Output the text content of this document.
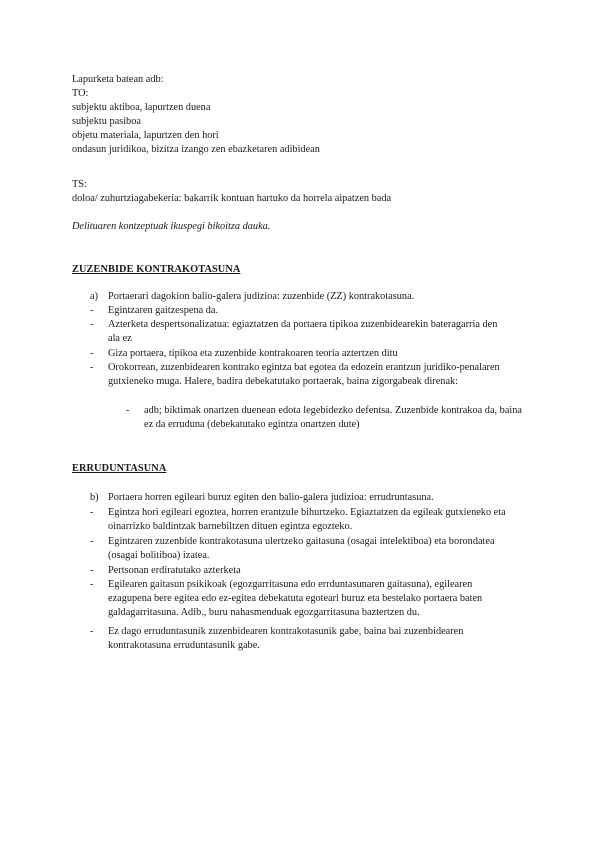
Lapurketa batean adb:
TO:
subjektu aktiboa, lapurtzen duena
subjektu pasiboa
objetu materiala, lapurtzen den hori
ondasun juridikoa, bizitza izango zen ebazketaren adibidean
TS:
doloa/ zuhurtziagabekeria: bakarrik kontuan hartuko da horrela aipatzen bada
Delituaren kontzeptuak ikuspegi bikoitza dauka.
ZUZENBIDE KONTRAKOTASUNA
a) Portaerari dagokion balio-galera judizioa: zuzenbide (ZZ) kontrakotasuna.
-	Egintzaren gaitzespena da.
-	Azterketa despertsonalizatua: egiaztatzen da portaera tipikoa zuzenbidearekin bateragarria den ala ez
-	Giza portaera, tipikoa eta zuzenbide kontrakoaren teoria aztertzen ditu
-	Orokorrean, zuzenbidearen kontrako egintza bat egotea da edozein erantzun juridiko-penalaren gutxieneko muga. Halere, badira debekatutako portaerak, baina zigorgabeak direnak:
-	adb; biktimak onartzen duenean edota legebidezko defentsa. Zuzenbide kontrakoa da, baina ez da erruduna (debekatutako egintza onartzen dute)
ERRUDUNTASUNA
b) Portaera horren egileari buruz egiten den balio-galera judizioa: errudruntasuna.
-	Egintza hori egileari egoztea, horren erantzule bihurtzeko. Egiaztatzen da egileak gutxieneko eta oinarrizko baldintzak barnebiltzen dituen egintza egozteko.
-	Egintzaren zuzenbide kontrakotasuna ulertzeko gaitasuna (osagai intelektiboa) eta borondatea (osagai bolitiboa) izatea.
-	Pertsonan erdiratutako azterketa
-	Egilearen gaitasun psikikoak (egozgarritasuna edo errduntasunaren gaitasuna), egilearen ezagupena bere egitea edo ez-egitea debekatuta egoteari buruz eta bestelako portaera baten galdagarritasuna. Adib., buru nahasmenduak egozgarritasuna baztertzen du.
-	Ez dago erruduntasunik zuzenbidearen kontrakotasunik gabe, baina bai zuzenbidearen kontrakotasuna erruduntasunik gabe.
